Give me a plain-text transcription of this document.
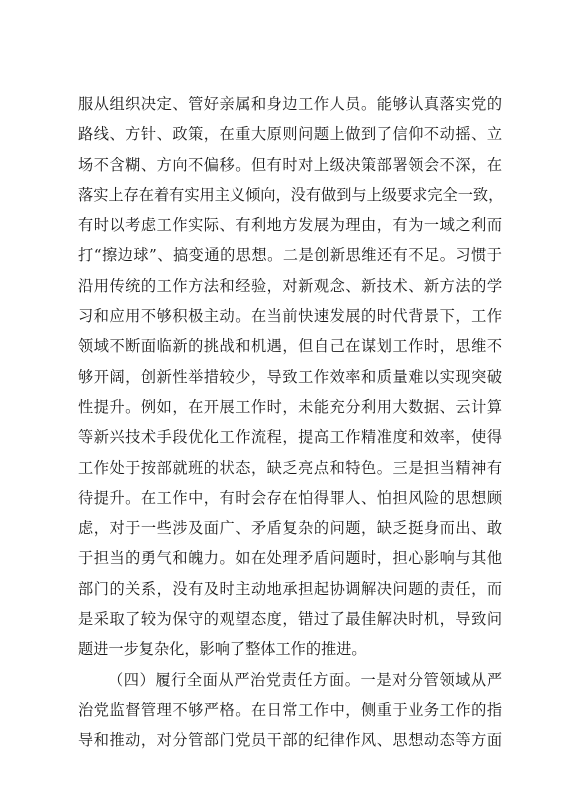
服从组织决定、管好亲属和身边工作人员。能够认真落实党的
路线、方针、政策，在重大原则问题上做到了信仰不动摇、立
场不含糊、方向不偏移。但有时对上级决策部署领会不深，在
落实上存在着有实用主义倾向，没有做到与上级要求完全一致，
有时以考虑工作实际、有利地方发展为理由，有为一域之利而
打“擦边球”、搞变通的思想。二是创新思维还有不足。习惯于
沿用传统的工作方法和经验，对新观念、新技术、新方法的学
习和应用不够积极主动。在当前快速发展的时代背景下，工作
领域不断面临新的挑战和机遇，但自己在谋划工作时，思维不
够开阔，创新性举措较少，导致工作效率和质量难以实现突破
性提升。例如，在开展工作时，未能充分利用大数据、云计算
等新兴技术手段优化工作流程，提高工作精准度和效率，使得
工作处于按部就班的状态，缺乏亮点和特色。三是担当精神有
待提升。在工作中，有时会存在怕得罪人、怕担风险的思想顾
虑，对于一些涉及面广、矛盾复杂的问题，缺乏挺身而出、敢
于担当的勇气和魄力。如在处理矛盾问题时，担心影响与其他
部门的关系，没有及时主动地承担起协调解决问题的责任，而
是采取了较为保守的观望态度，错过了最佳解决时机，导致问
题进一步复杂化，影响了整体工作的推进。
（四）履行全面从严治党责任方面。一是对分管领域从严
治党监督管理不够严格。在日常工作中，侧重于业务工作的指
导和推动，对分管部门党员干部的纪律作风、思想动态等方面
